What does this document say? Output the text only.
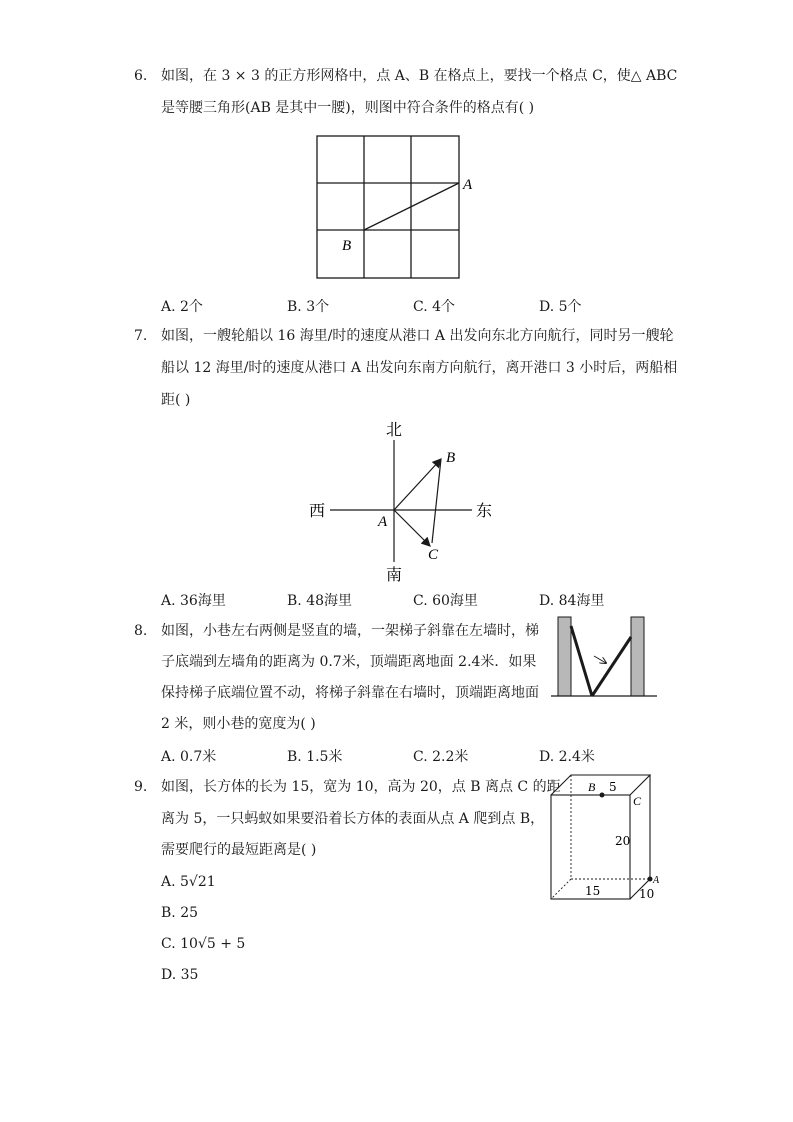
6. 如图，在 3 × 3 的正方形网格中，点 A、B 在格点上，要找一个格点 C，使△ ABC
是等腰三角形(AB 是其中一腰)，则图中符合条件的格点有( )
A
B
A. 2个	B. 3个	C. 4个	D. 5个
7. 如图，一艘轮船以 16 海里/时的速度从港口 A 出发向东北方向航行，同时另一艘轮
船以 12 海里/时的速度从港口 A 出发向东南方向航行，离开港口 3 小时后，两船相
距( )
北
南
西	东
A
B
C
A. 36海里	B. 48海里	C. 60海里	D. 84海里
8. 如图，小巷左右两侧是竖直的墙，一架梯子斜靠在左墙时，梯
子底端到左墙角的距离为 0.7米，顶端距离地面 2.4米．如果
保持梯子底端位置不动，将梯子斜靠在右墙时，顶端距离地面
2 米，则小巷的宽度为( )
A. 0.7米	B. 1.5米	C. 2.2米	D. 2.4米
9. 如图，长方体的长为 15，宽为 10，高为 20，点 B 离点 C 的距
离为 5，一只蚂蚁如果要沿着长方体的表面从点 A 爬到点 B，
需要爬行的最短距离是( )
B 5
C
20
15	10
A
A. 5√21
B. 25
C. 10√5 + 5
D. 35
